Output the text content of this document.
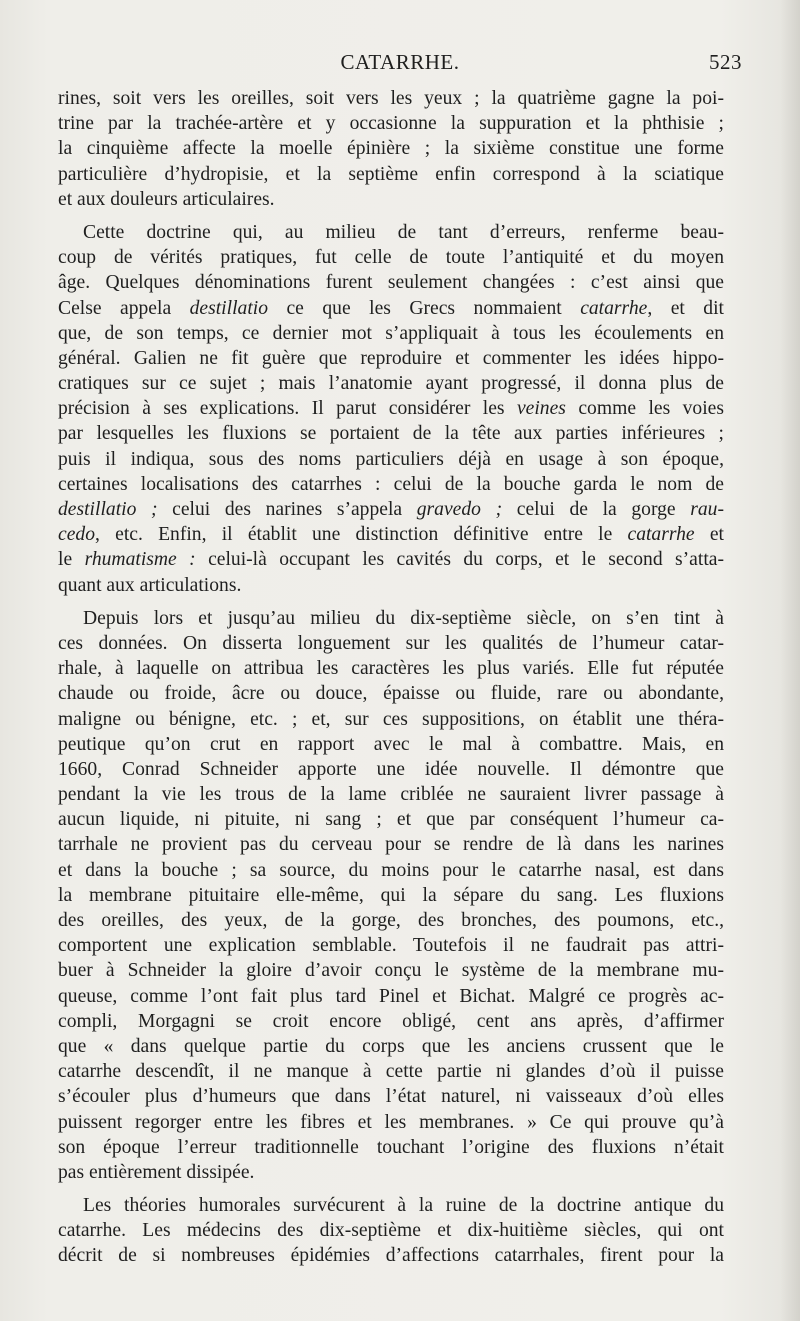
CATARRHE.	523
rines, soit vers les oreilles, soit vers les yeux ; la quatrième gagne la poi-
trine par la trachée-artère et y occasionne la suppuration et la phthisie ;
la cinquième affecte la moelle épinière ; la sixième constitue une forme
particulière d’hydropisie, et la septième enfin correspond à la sciatique
et aux douleurs articulaires.
Cette doctrine qui, au milieu de tant d’erreurs, renferme beau-
coup de vérités pratiques, fut celle de toute l’antiquité et du moyen
âge. Quelques dénominations furent seulement changées : c’est ainsi que
Celse appela destillatio ce que les Grecs nommaient catarrhe, et dit
que, de son temps, ce dernier mot s’appliquait à tous les écoulements en
général. Galien ne fit guère que reproduire et commenter les idées hippo-
cratiques sur ce sujet ; mais l’anatomie ayant progressé, il donna plus de
précision à ses explications. Il parut considérer les veines comme les voies
par lesquelles les fluxions se portaient de la tête aux parties inférieures ;
puis il indiqua, sous des noms particuliers déjà en usage à son époque,
certaines localisations des catarrhes : celui de la bouche garda le nom de
destillatio ; celui des narines s’appela gravedo ; celui de la gorge rau-
cedo, etc. Enfin, il établit une distinction définitive entre le catarrhe et
le rhumatisme : celui-là occupant les cavités du corps, et le second s’atta-
quant aux articulations.
Depuis lors et jusqu’au milieu du dix-septième siècle, on s’en tint à
ces données. On disserta longuement sur les qualités de l’humeur catar-
rhale, à laquelle on attribua les caractères les plus variés. Elle fut réputée
chaude ou froide, âcre ou douce, épaisse ou fluide, rare ou abondante,
maligne ou bénigne, etc. ; et, sur ces suppositions, on établit une théra-
peutique qu’on crut en rapport avec le mal à combattre. Mais, en
1660, Conrad Schneider apporte une idée nouvelle. Il démontre que
pendant la vie les trous de la lame criblée ne sauraient livrer passage à
aucun liquide, ni pituite, ni sang ; et que par conséquent l’humeur ca-
tarrhale ne provient pas du cerveau pour se rendre de là dans les narines
et dans la bouche ; sa source, du moins pour le catarrhe nasal, est dans
la membrane pituitaire elle-même, qui la sépare du sang. Les fluxions
des oreilles, des yeux, de la gorge, des bronches, des poumons, etc.,
comportent une explication semblable. Toutefois il ne faudrait pas attri-
buer à Schneider la gloire d’avoir conçu le système de la membrane mu-
queuse, comme l’ont fait plus tard Pinel et Bichat. Malgré ce progrès ac-
compli, Morgagni se croit encore obligé, cent ans après, d’affirmer
que « dans quelque partie du corps que les anciens crussent que le
catarrhe descendît, il ne manque à cette partie ni glandes d’où il puisse
s’écouler plus d’humeurs que dans l’état naturel, ni vaisseaux d’où elles
puissent regorger entre les fibres et les membranes. » Ce qui prouve qu’à
son époque l’erreur traditionnelle touchant l’origine des fluxions n’était
pas entièrement dissipée.
Les théories humorales survécurent à la ruine de la doctrine antique du
catarrhe. Les médecins des dix-septième et dix-huitième siècles, qui ont
décrit de si nombreuses épidémies d’affections catarrhales, firent pour la
